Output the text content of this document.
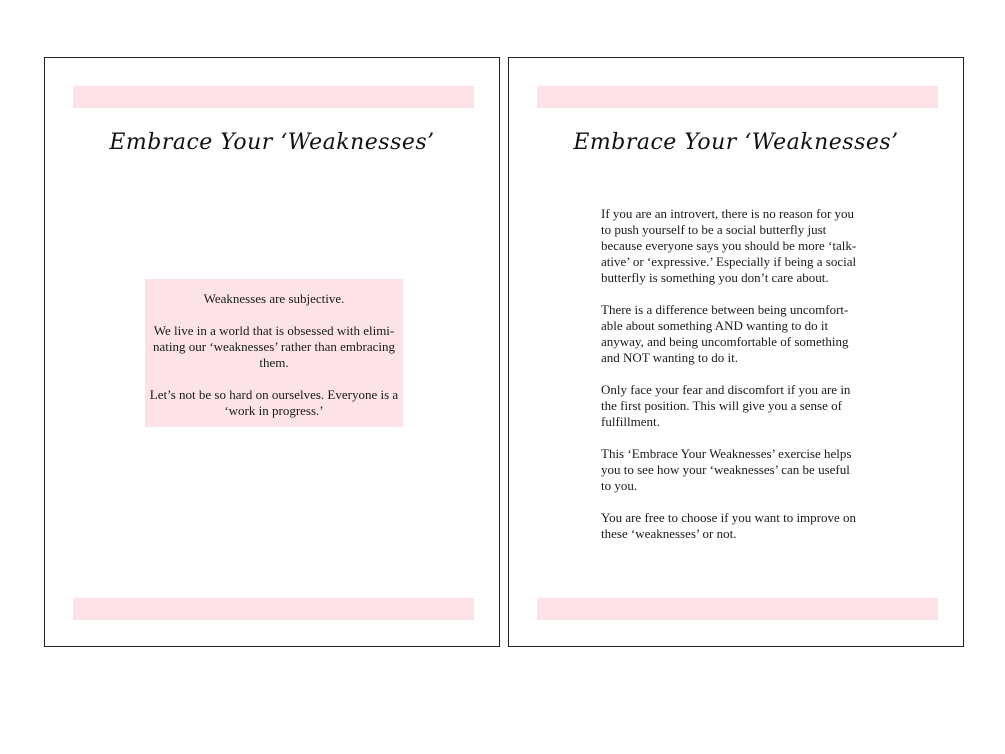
Embrace Your ‘Weaknesses’

Weaknesses are subjective.

We live in a world that is obsessed with elimi-nating our ‘weaknesses’ rather than embracing them.

Let’s not be so hard on ourselves. Everyone is a ‘work in progress.’

Embrace Your ‘Weaknesses’

If you are an introvert, there is no reason for you to push yourself to be a social butterfly just because everyone says you should be more ‘talk-ative’ or ‘expressive.’ Especially if being a social butterfly is something you don’t care about.

There is a difference between being uncomfort-able about something AND wanting to do it anyway, and being uncomfortable of something and NOT wanting to do it.

Only face your fear and discomfort if you are in the first position. This will give you a sense of fulfillment.

This ‘Embrace Your Weaknesses’ exercise helps you to see how your ‘weaknesses’ can be useful to you.

You are free to choose if you want to improve on these ‘weaknesses’ or not.
